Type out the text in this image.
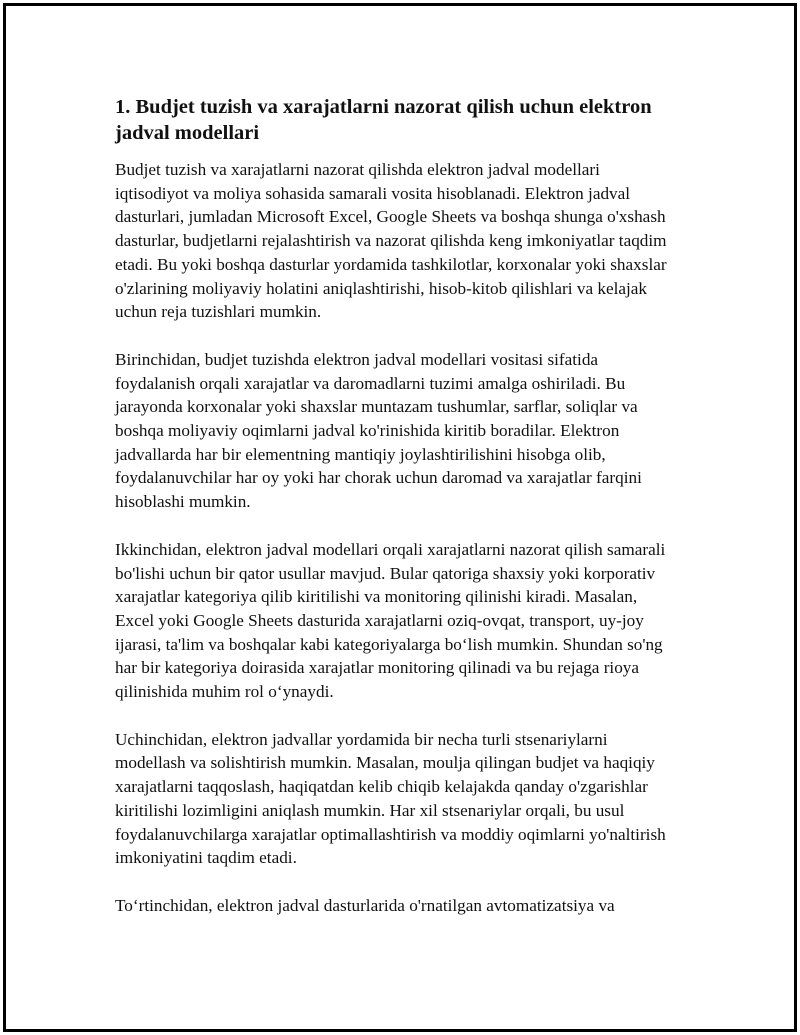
1. Budjet tuzish va xarajatlarni nazorat qilish uchun elektron jadval modellari

Budjet tuzish va xarajatlarni nazorat qilishda elektron jadval modellari iqtisodiyot va moliya sohasida samarali vosita hisoblanadi. Elektron jadval dasturlari, jumladan Microsoft Excel, Google Sheets va boshqa shunga o'xshash dasturlar, budjetlarni rejalashtirish va nazorat qilishda keng imkoniyatlar taqdim etadi. Bu yoki boshqa dasturlar yordamida tashkilotlar, korxonalar yoki shaxslar o'zlarining moliyaviy holatini aniqlashtirishi, hisob-kitob qilishlari va kelajak uchun reja tuzishlari mumkin.

Birinchidan, budjet tuzishda elektron jadval modellari vositasi sifatida foydalanish orqali xarajatlar va daromadlarni tuzimi amalga oshiriladi. Bu jarayonda korxonalar yoki shaxslar muntazam tushumlar, sarflar, soliqlar va boshqa moliyaviy oqimlarni jadval ko'rinishida kiritib boradilar. Elektron jadvallarda har bir elementning mantiqiy joylashtirilishini hisobga olib, foydalanuvchilar har oy yoki har chorak uchun daromad va xarajatlar farqini hisoblashi mumkin.

Ikkinchidan, elektron jadval modellari orqali xarajatlarni nazorat qilish samarali bo'lishi uchun bir qator usullar mavjud. Bular qatoriga shaxsiy yoki korporativ xarajatlar kategoriya qilib kiritilishi va monitoring qilinishi kiradi. Masalan, Excel yoki Google Sheets dasturida xarajatlarni oziq-ovqat, transport, uy-joy ijarasi, ta'lim va boshqalar kabi kategoriyalarga bo‘lish mumkin. Shundan so'ng har bir kategoriya doirasida xarajatlar monitoring qilinadi va bu rejaga rioya qilinishida muhim rol o‘ynaydi.

Uchinchidan, elektron jadvallar yordamida bir necha turli stsenariylarni modellash va solishtirish mumkin. Masalan, moulja qilingan budjet va haqiqiy xarajatlarni taqqoslash, haqiqatdan kelib chiqib kelajakda qanday o'zgarishlar kiritilishi lozimligini aniqlash mumkin. Har xil stsenariylar orqali, bu usul foydalanuvchilarga xarajatlar optimallashtirish va moddiy oqimlarni yo'naltirish imkoniyatini taqdim etadi.

To‘rtinchidan, elektron jadval dasturlarida o'rnatilgan avtomatizatsiya va
